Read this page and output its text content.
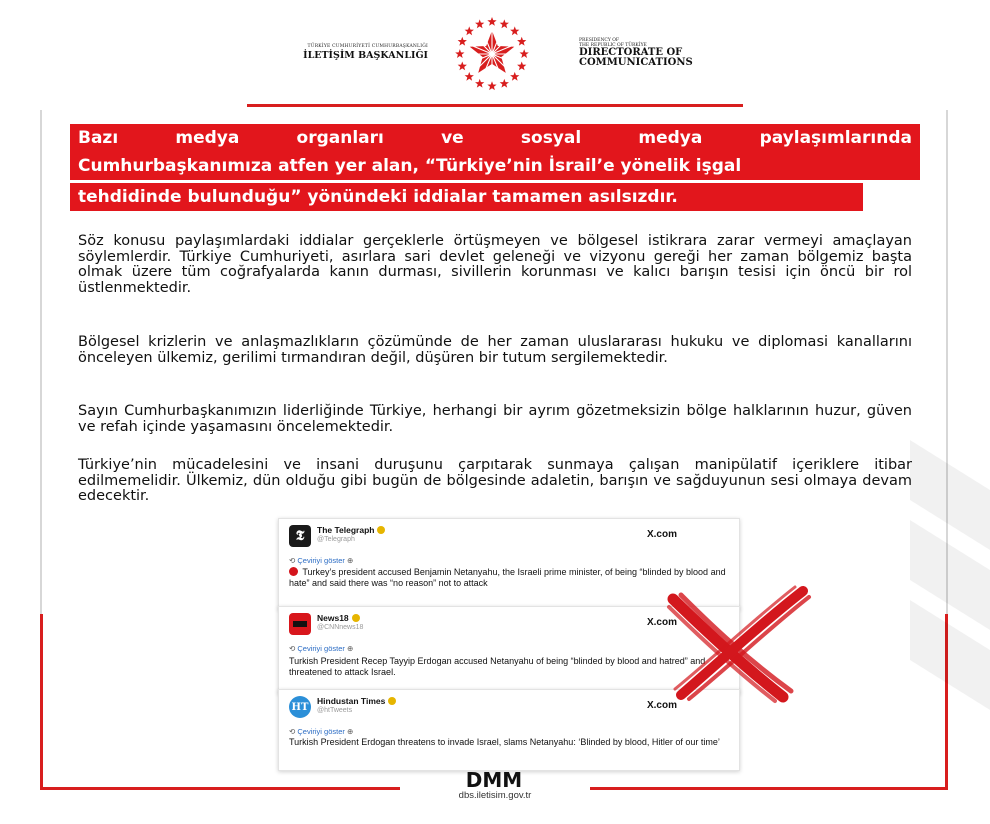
TÜRKİYE CUMHURİYETİ CUMHURBAŞKANLIĞI
İLETİŞİM BAŞKANLIĞI
PRESIDENCY OF
THE REPUBLIC OF TÜRKİYE
DIRECTORATE OF
COMMUNICATIONS
Bazı	medya	organları	ve	sosyal	medya	paylaşımlarında
Cumhurbaşkanımıza atfen yer alan, “Türkiye’nin İsrail’e yönelik işgal
tehdidinde bulunduğu” yönündeki iddialar tamamen asılsızdır.
Söz konusu paylaşımlardaki iddialar gerçeklerle örtüşmeyen ve bölgesel istikrara zarar vermeyi amaçlayan söylemlerdir. Türkiye Cumhuriyeti, asırlara sari devlet geleneği ve vizyonu gereği her zaman bölgemiz başta olmak üzere tüm coğrafyalarda kanın durması, sivillerin korunması ve kalıcı barışın tesisi için öncü bir rol üstlenmektedir.
Bölgesel krizlerin ve anlaşmazlıkların çözümünde de her zaman uluslararası hukuku ve diplomasi kanallarını önceleyen ülkemiz, gerilimi tırmandıran değil, düşüren bir tutum sergilemektedir.
Sayın Cumhurbaşkanımızın liderliğinde Türkiye, herhangi bir ayrım gözetmeksizin bölge halklarının huzur, güven ve refah içinde yaşamasını öncelemektedir.
Türkiye’nin mücadelesini ve insani duruşunu çarpıtarak sunmaya çalışan manipülatif içeriklere itibar edilmemelidir. Ülkemiz, dün olduğu gibi bugün de bölgesinde adaletin, barışın ve sağduyunun sesi olmaya devam edecektir.
𝕿 The Telegraph
@Telegraph	X.com
⟲ Çeviriyi göster ⊕
Turkey’s president accused Benjamin Netanyahu, the Israeli prime minister, of being “blinded by blood and hate” and said there was “no reason” not to attack
News18
@CNNnews18	X.com
⟲ Çeviriyi göster ⊕
Turkish President Recep Tayyip Erdogan accused Netanyahu of being “blinded by blood and hatred” and threatened to attack Israel.
HT
Hindustan Times
@htTweets	X.com
⟲ Çeviriyi göster ⊕
Turkish President Erdogan threatens to invade Israel, slams Netanyahu: ‘Blinded by blood, Hitler of our time’
DMM
dbs.iletisim.gov.tr
